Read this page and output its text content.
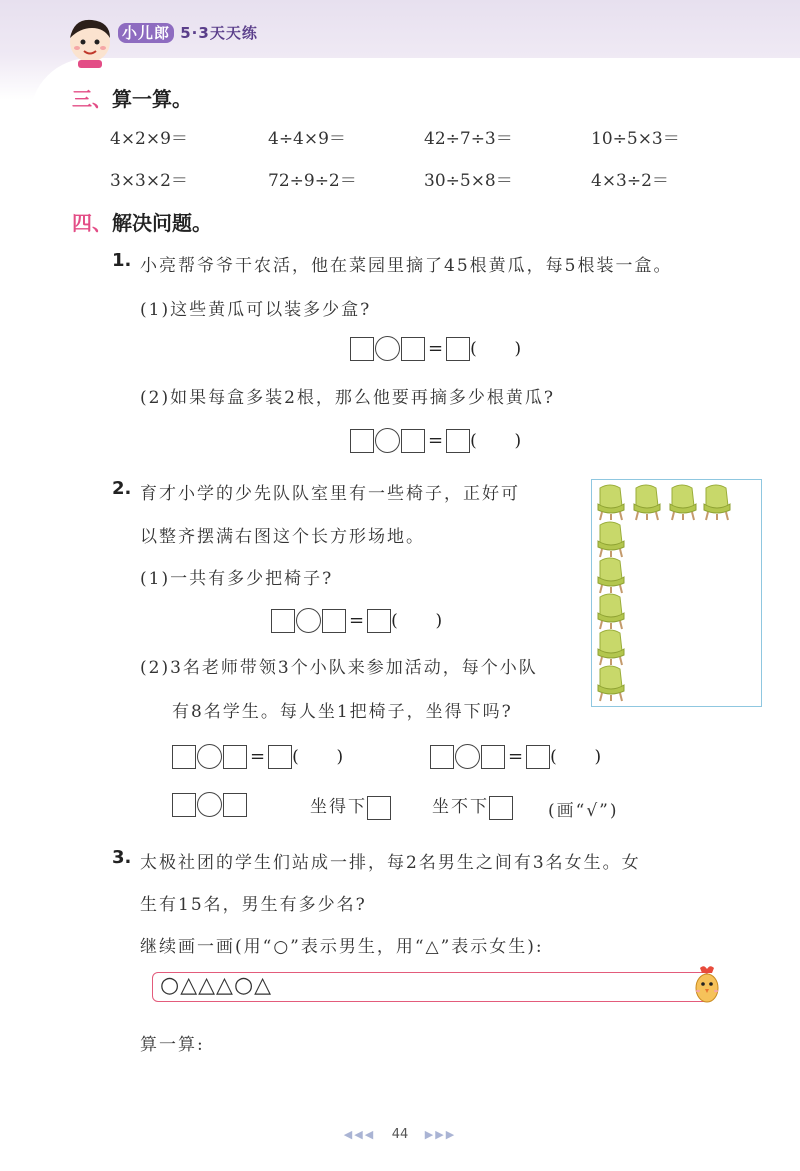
小儿郎 5·3天天练
三、算一算。
4×2×9＝	4÷4×9＝	42÷7÷3＝	10÷5×3＝
3×3×2＝	72÷9÷2＝	30÷5×8＝	4×3÷2＝
四、解决问题。
1. 小亮帮爷爷干农活，他在菜园里摘了45根黄瓜，每5根装一盒。
(1)这些黄瓜可以装多少盒?
= (       )
(2)如果每盒多装2根，那么他要再摘多少根黄瓜?
= (       )
2. 育才小学的少先队队室里有一些椅子，正好可
以整齐摆满右图这个长方形场地。
(1)一共有多少把椅子?
= (       )
(2)3名老师带领3个小队来参加活动，每个小队
有8名学生。每人坐1把椅子，坐得下吗?
= (       )	= (       )
坐得下	坐不下	(画“√”)
3. 太极社团的学生们站成一排，每2名男生之间有3名女生。女
生有15名，男生有多少名?
继续画一画(用“○”表示男生，用“△”表示女生):
○△△△○△
算一算:
◀◀◀ 44 ▶▶▶
